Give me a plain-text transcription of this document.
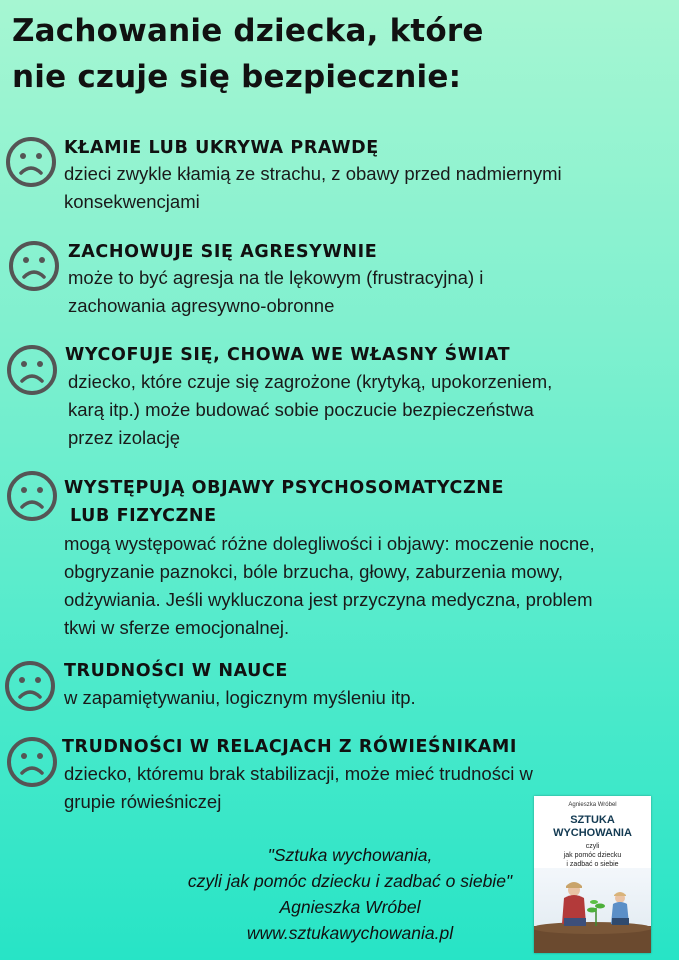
Zachowanie dziecka, które
nie czuje się bezpiecznie:
KŁAMIE LUB UKRYWA PRAWDĘ
dzieci zwykle kłamią ze strachu, z obawy przed nadmiernymi
konsekwencjami
ZACHOWUJE SIĘ AGRESYWNIE
może to być agresja na tle lękowym (frustracyjna) i
zachowania agresywno-obronne
WYCOFUJE SIĘ, CHOWA WE WŁASNY ŚWIAT
dziecko, które czuje się zagrożone (krytyką, upokorzeniem,
karą itp.) może budować sobie poczucie bezpieczeństwa
przez izolację
WYSTĘPUJĄ OBJAWY PSYCHOSOMATYCZNE
LUB FIZYCZNE
mogą występować różne dolegliwości i objawy: moczenie nocne,
obgryzanie paznokci, bóle brzucha, głowy, zaburzenia mowy,
odżywiania. Jeśli wykluczona jest przyczyna medyczna, problem
tkwi w sferze emocjonalnej.
TRUDNOŚCI W NAUCE
w zapamiętywaniu, logicznym myśleniu itp.
TRUDNOŚCI W RELACJACH Z RÓWIEŚNIKAMI
dziecko, któremu brak stabilizacji, może mieć trudności w
grupie rówieśniczej
"Sztuka wychowania,
czyli jak pomóc dziecku i zadbać o siebie"
Agnieszka Wróbel
www.sztukawychowania.pl
Agnieszka Wróbel
SZTUKA
WYCHOWANIA
czyli
jak pomóc dziecku
i zadbać o siebie
